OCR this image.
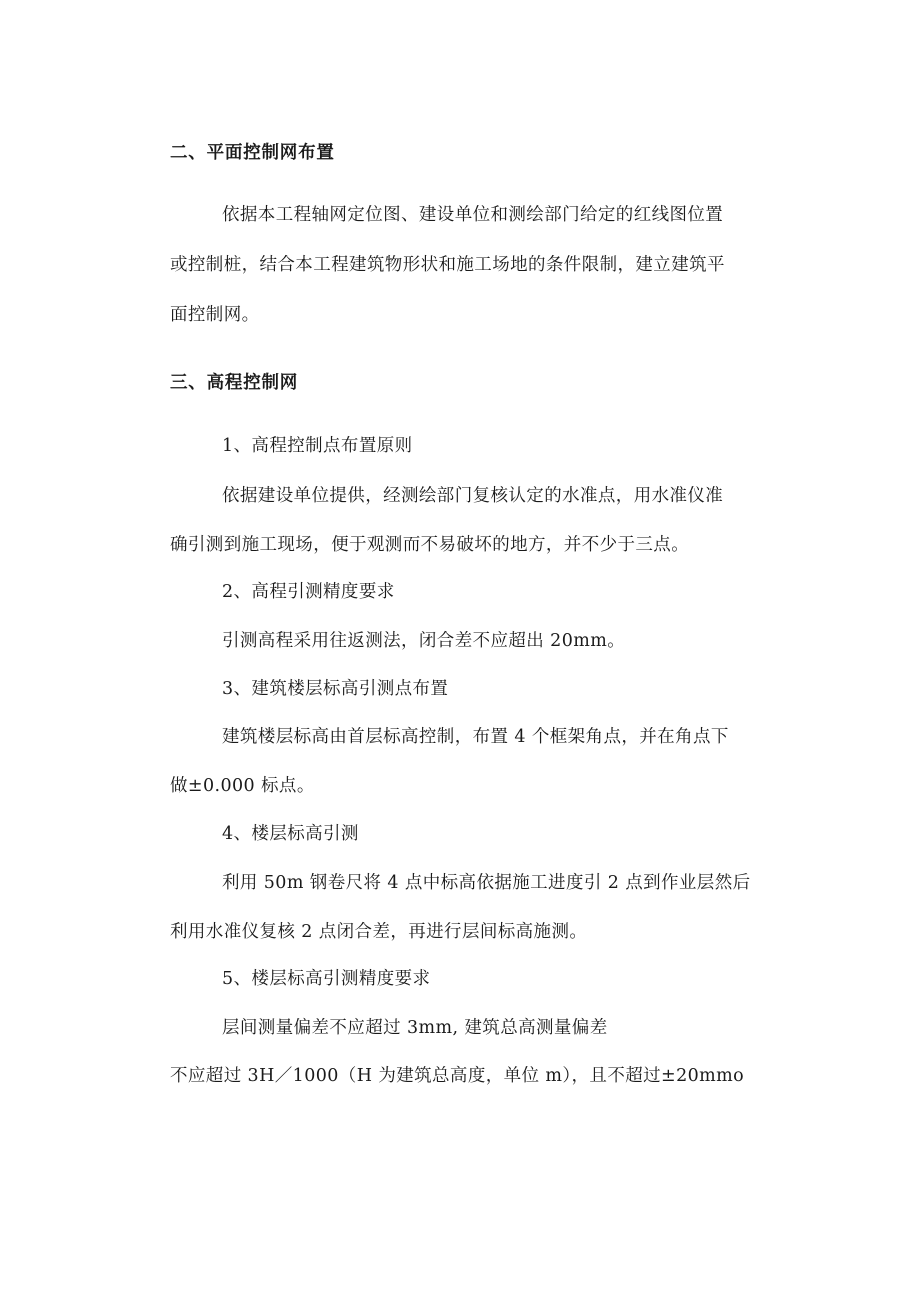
二、平面控制网布置
依据本工程轴网定位图、建设单位和测绘部门给定的红线图位置
或控制桩，结合本工程建筑物形状和施工场地的条件限制，建立建筑平
面控制网。
三、高程控制网
1、高程控制点布置原则
依据建设单位提供，经测绘部门复核认定的水准点，用水准仪准
确引测到施工现场，便于观测而不易破坏的地方，并不少于三点。
2、高程引测精度要求
引测高程采用往返测法，闭合差不应超出 20mm。
3、建筑楼层标高引测点布置
建筑楼层标高由首层标高控制，布置 4 个框架角点，并在角点下
做±0.000 标点。
4、楼层标高引测
利用 50m 钢卷尺将 4 点中标高依据施工进度引 2 点到作业层然后
利用水准仪复核 2 点闭合差，再进行层间标高施测。
5、楼层标高引测精度要求
层间测量偏差不应超过 3mm, 建筑总高测量偏差
不应超过 3H／1000（H 为建筑总高度，单位 m），且不超过±20mmo
